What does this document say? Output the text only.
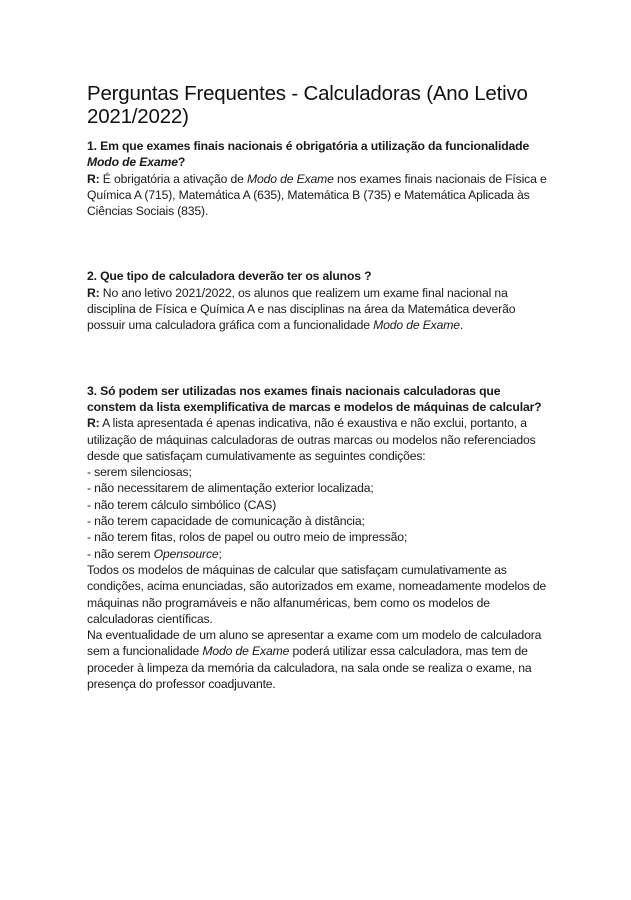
Perguntas Frequentes - Calculadoras (Ano Letivo 2021/2022)

1. Em que exames finais nacionais é obrigatória a utilização da funcionalidade Modo de Exame?

R: É obrigatória a ativação de Modo de Exame nos exames finais nacionais de Física e Química A (715), Matemática A (635), Matemática B (735) e Matemática Aplicada às Ciências Sociais (835).

2. Que tipo de calculadora deverão ter os alunos ?

R: No ano letivo 2021/2022, os alunos que realizem um exame final nacional na disciplina de Física e Química A e nas disciplinas na área da Matemática deverão possuir uma calculadora gráfica com a funcionalidade Modo de Exame.

3. Só podem ser utilizadas nos exames finais nacionais calculadoras que constem da lista exemplificativa de marcas e modelos de máquinas de calcular?

R: A lista apresentada é apenas indicativa, não é exaustiva e não exclui, portanto, a utilização de máquinas calculadoras de outras marcas ou modelos não referenciados desde que satisfaçam cumulativamente as seguintes condições:

- serem silenciosas;

- não necessitarem de alimentação exterior localizada;

- não terem cálculo simbólico (CAS)

- não terem capacidade de comunicação à distância;

- não terem fitas, rolos de papel ou outro meio de impressão;

- não serem Opensource;

Todos os modelos de máquinas de calcular que satisfaçam cumulativamente as condições, acima enunciadas, são autorizados em exame, nomeadamente modelos de máquinas não programáveis e não alfanuméricas, bem como os modelos de calculadoras científicas.

Na eventualidade de um aluno se apresentar a exame com um modelo de calculadora sem a funcionalidade Modo de Exame poderá utilizar essa calculadora, mas tem de proceder à limpeza da memória da calculadora, na sala onde se realiza o exame, na presença do professor coadjuvante.
